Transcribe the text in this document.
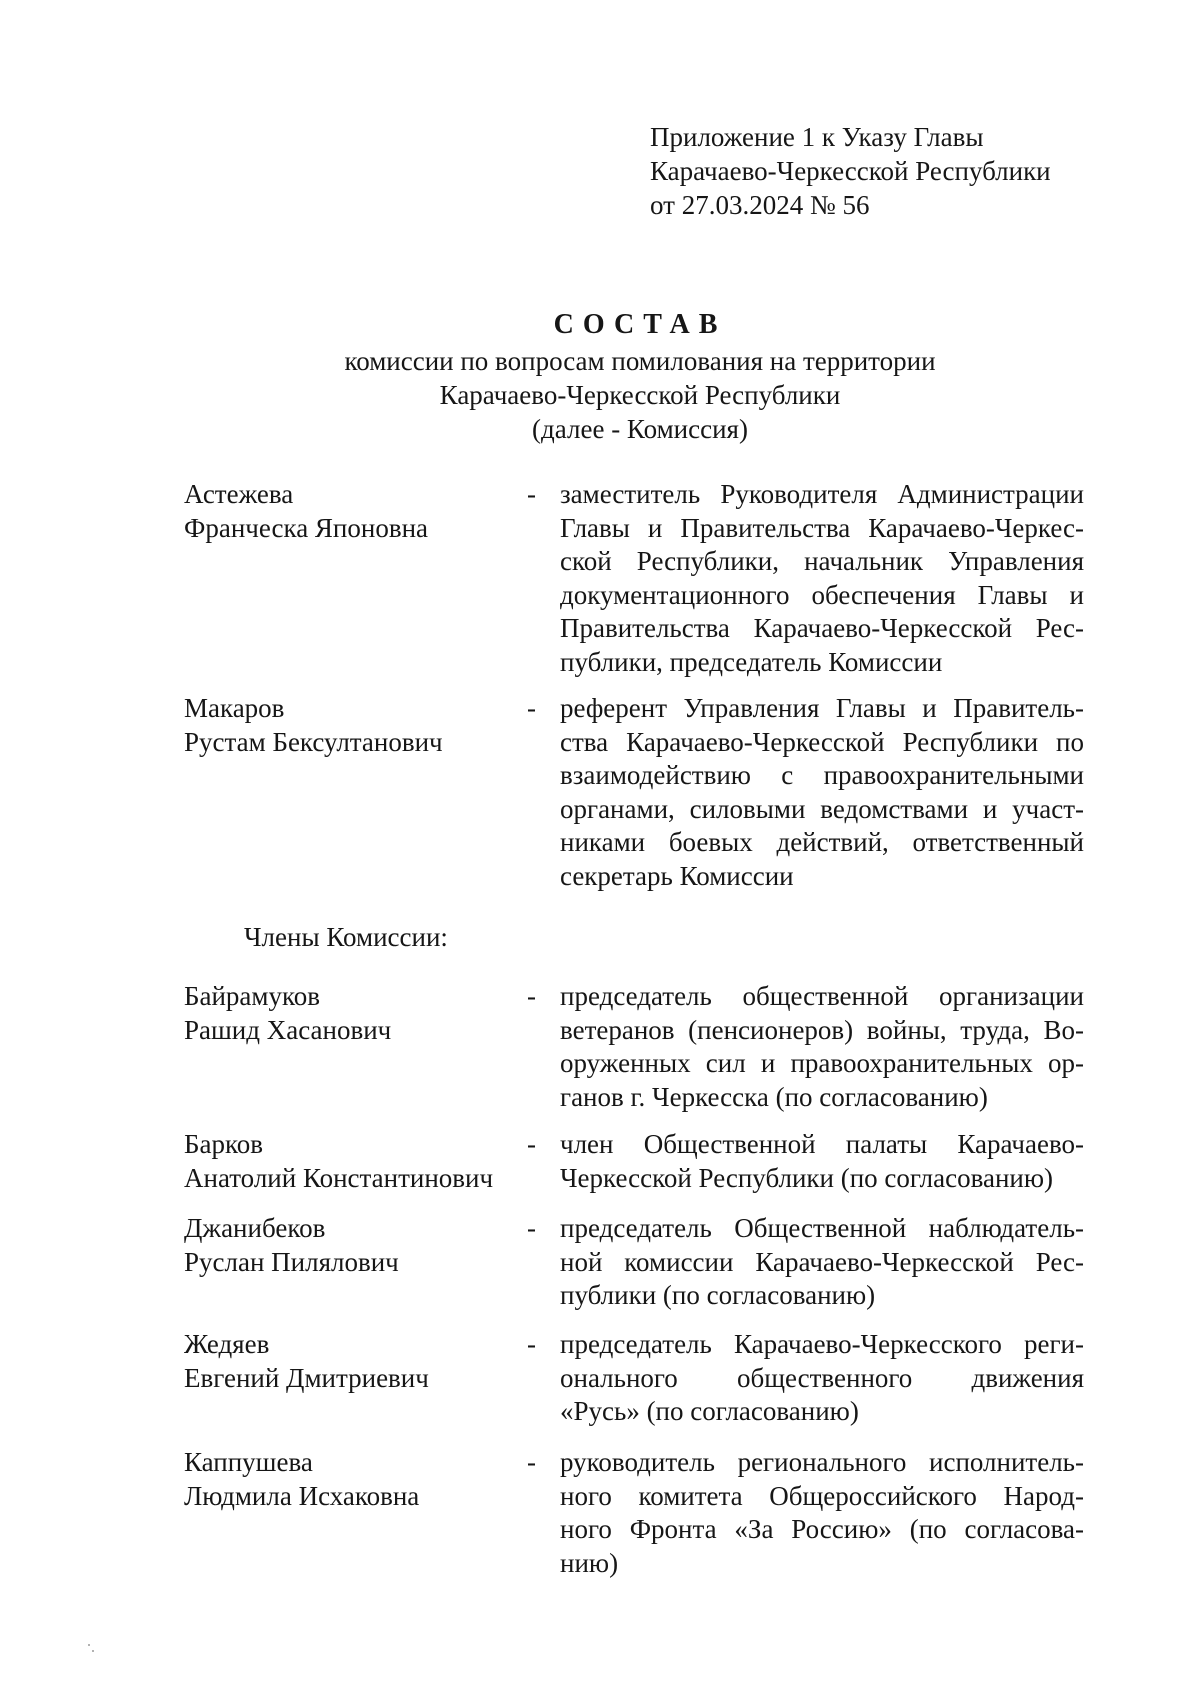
Приложение 1 к Указу Главы
Карачаево-Черкесской Республики
от 27.03.2024 № 56
СОСТАВ
комиссии по вопросам помилования на территории
Карачаево-Черкесской Республики
(далее - Комиссия)
Астежева
Франческа Японовна
- заместитель Руководителя Администрации
Главы и Правительства Карачаево-Черкес-
ской Республики, начальник Управления
документационного обеспечения Главы и
Правительства Карачаево-Черкесской Рес-
публики, председатель Комиссии
Макаров
Рустам Бексултанович
- референт Управления Главы и Правитель-
ства Карачаево-Черкесской Республики по
взаимодействию с правоохранительными
органами, силовыми ведомствами и участ-
никами боевых действий, ответственный
секретарь Комиссии
Члены Комиссии:
Байрамуков
Рашид Хасанович
- председатель общественной организации
ветеранов (пенсионеров) войны, труда, Во-
оруженных сил и правоохранительных ор-
ганов г. Черкесска (по согласованию)
Барков
Анатолий Константинович
- член Общественной палаты Карачаево-
Черкесской Республики (по согласованию)
Джанибеков
Руслан Пилялович
- председатель Общественной наблюдатель-
ной комиссии Карачаево-Черкесской Рес-
публики (по согласованию)
Жедяев
Евгений Дмитриевич
- председатель Карачаево-Черкесского реги-
онального общественного движения
«Русь» (по согласованию)
Каппушева
Людмила Исхаковна
- руководитель регионального исполнитель-
ного комитета Общероссийского Народ-
ного Фронта «За Россию» (по согласова-
нию)
